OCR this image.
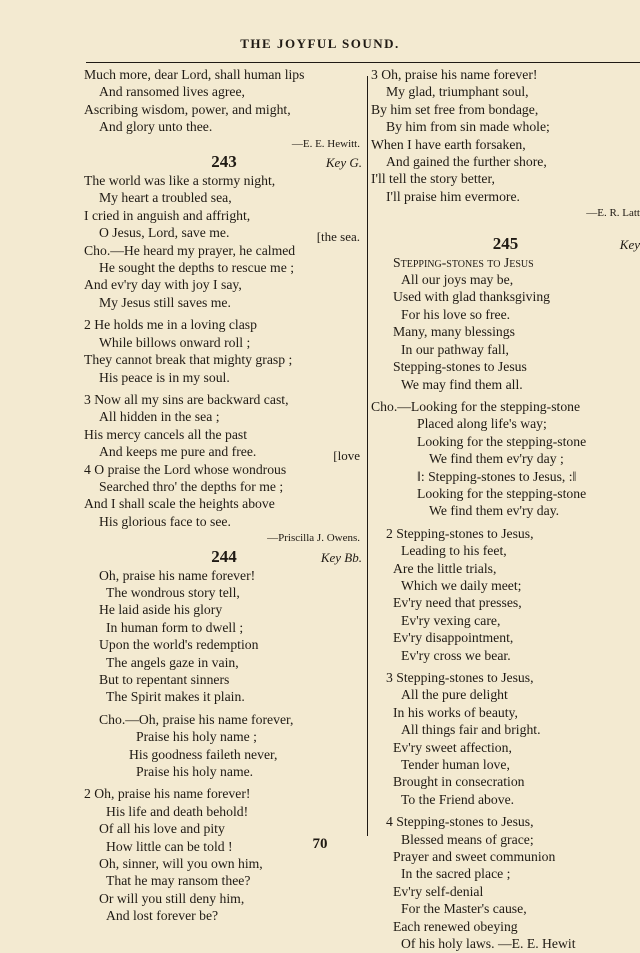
THE JOYFUL SOUND.
Much more, dear Lord, shall human lips
And ransomed lives agree,
Ascribing wisdom, power, and might,
And glory unto thee.
—E. E. Hewitt.
243	Key G.
The world was like a stormy night,
My heart a troubled sea,
I cried in anguish and affright,
O Jesus, Lord, save me.	[the sea.
Cho.—He heard my prayer, he calmed
He sought the depths to rescue me ;
And ev'ry day with joy I say,
My Jesus still saves me.
2 He holds me in a loving clasp
While billows onward roll ;
They cannot break that mighty grasp ;
His peace is in my soul.
3 Now all my sins are backward cast,
All hidden in the sea ;
His mercy cancels all the past
And keeps me pure and free.	[love
4 O praise the Lord whose wondrous
Searched thro' the depths for me ;
And I shall scale the heights above
His glorious face to see.
—Priscilla J. Owens.
244	Key Bb.
Oh, praise his name forever!
The wondrous story tell,
He laid aside his glory
In human form to dwell ;
Upon the world's redemption
The angels gaze in vain,
But to repentant sinners
The Spirit makes it plain.
Cho.—Oh, praise his name forever,
Praise his holy name ;
His goodness faileth never,
Praise his holy name.
2 Oh, praise his name forever!
His life and death behold!
Of all his love and pity
How little can be told !
Oh, sinner, will you own him,
That he may ransom thee?
Or will you still deny him,
And lost forever be?
3 Oh, praise his name forever!
My glad, triumphant soul,
By him set free from bondage,
By him from sin made whole;
When I have earth forsaken,
And gained the further shore,
I'll tell the story better,
I'll praise him evermore.
—E. R. Latt
245	Key
Stepping-stones to Jesus
All our joys may be,
Used with glad thanksgiving
For his love so free.
Many, many blessings
In our pathway fall,
Stepping-stones to Jesus
We may find them all.
Cho.—Looking for the stepping-stone
Placed along life's way;
Looking for the stepping-stone
We find them ev'ry day ;
‖: Stepping-stones to Jesus, :‖
Looking for the stepping-stone
We find them ev'ry day.
2 Stepping-stones to Jesus,
Leading to his feet,
Are the little trials,
Which we daily meet;
Ev'ry need that presses,
Ev'ry vexing care,
Ev'ry disappointment,
Ev'ry cross we bear.
3 Stepping-stones to Jesus,
All the pure delight
In his works of beauty,
All things fair and bright.
Ev'ry sweet affection,
Tender human love,
Brought in consecration
To the Friend above.
4 Stepping-stones to Jesus,
Blessed means of grace;
Prayer and sweet communion
In the sacred place ;
Ev'ry self-denial
For the Master's cause,
Each renewed obeying
Of his holy laws. —E. E. Hewit
70
